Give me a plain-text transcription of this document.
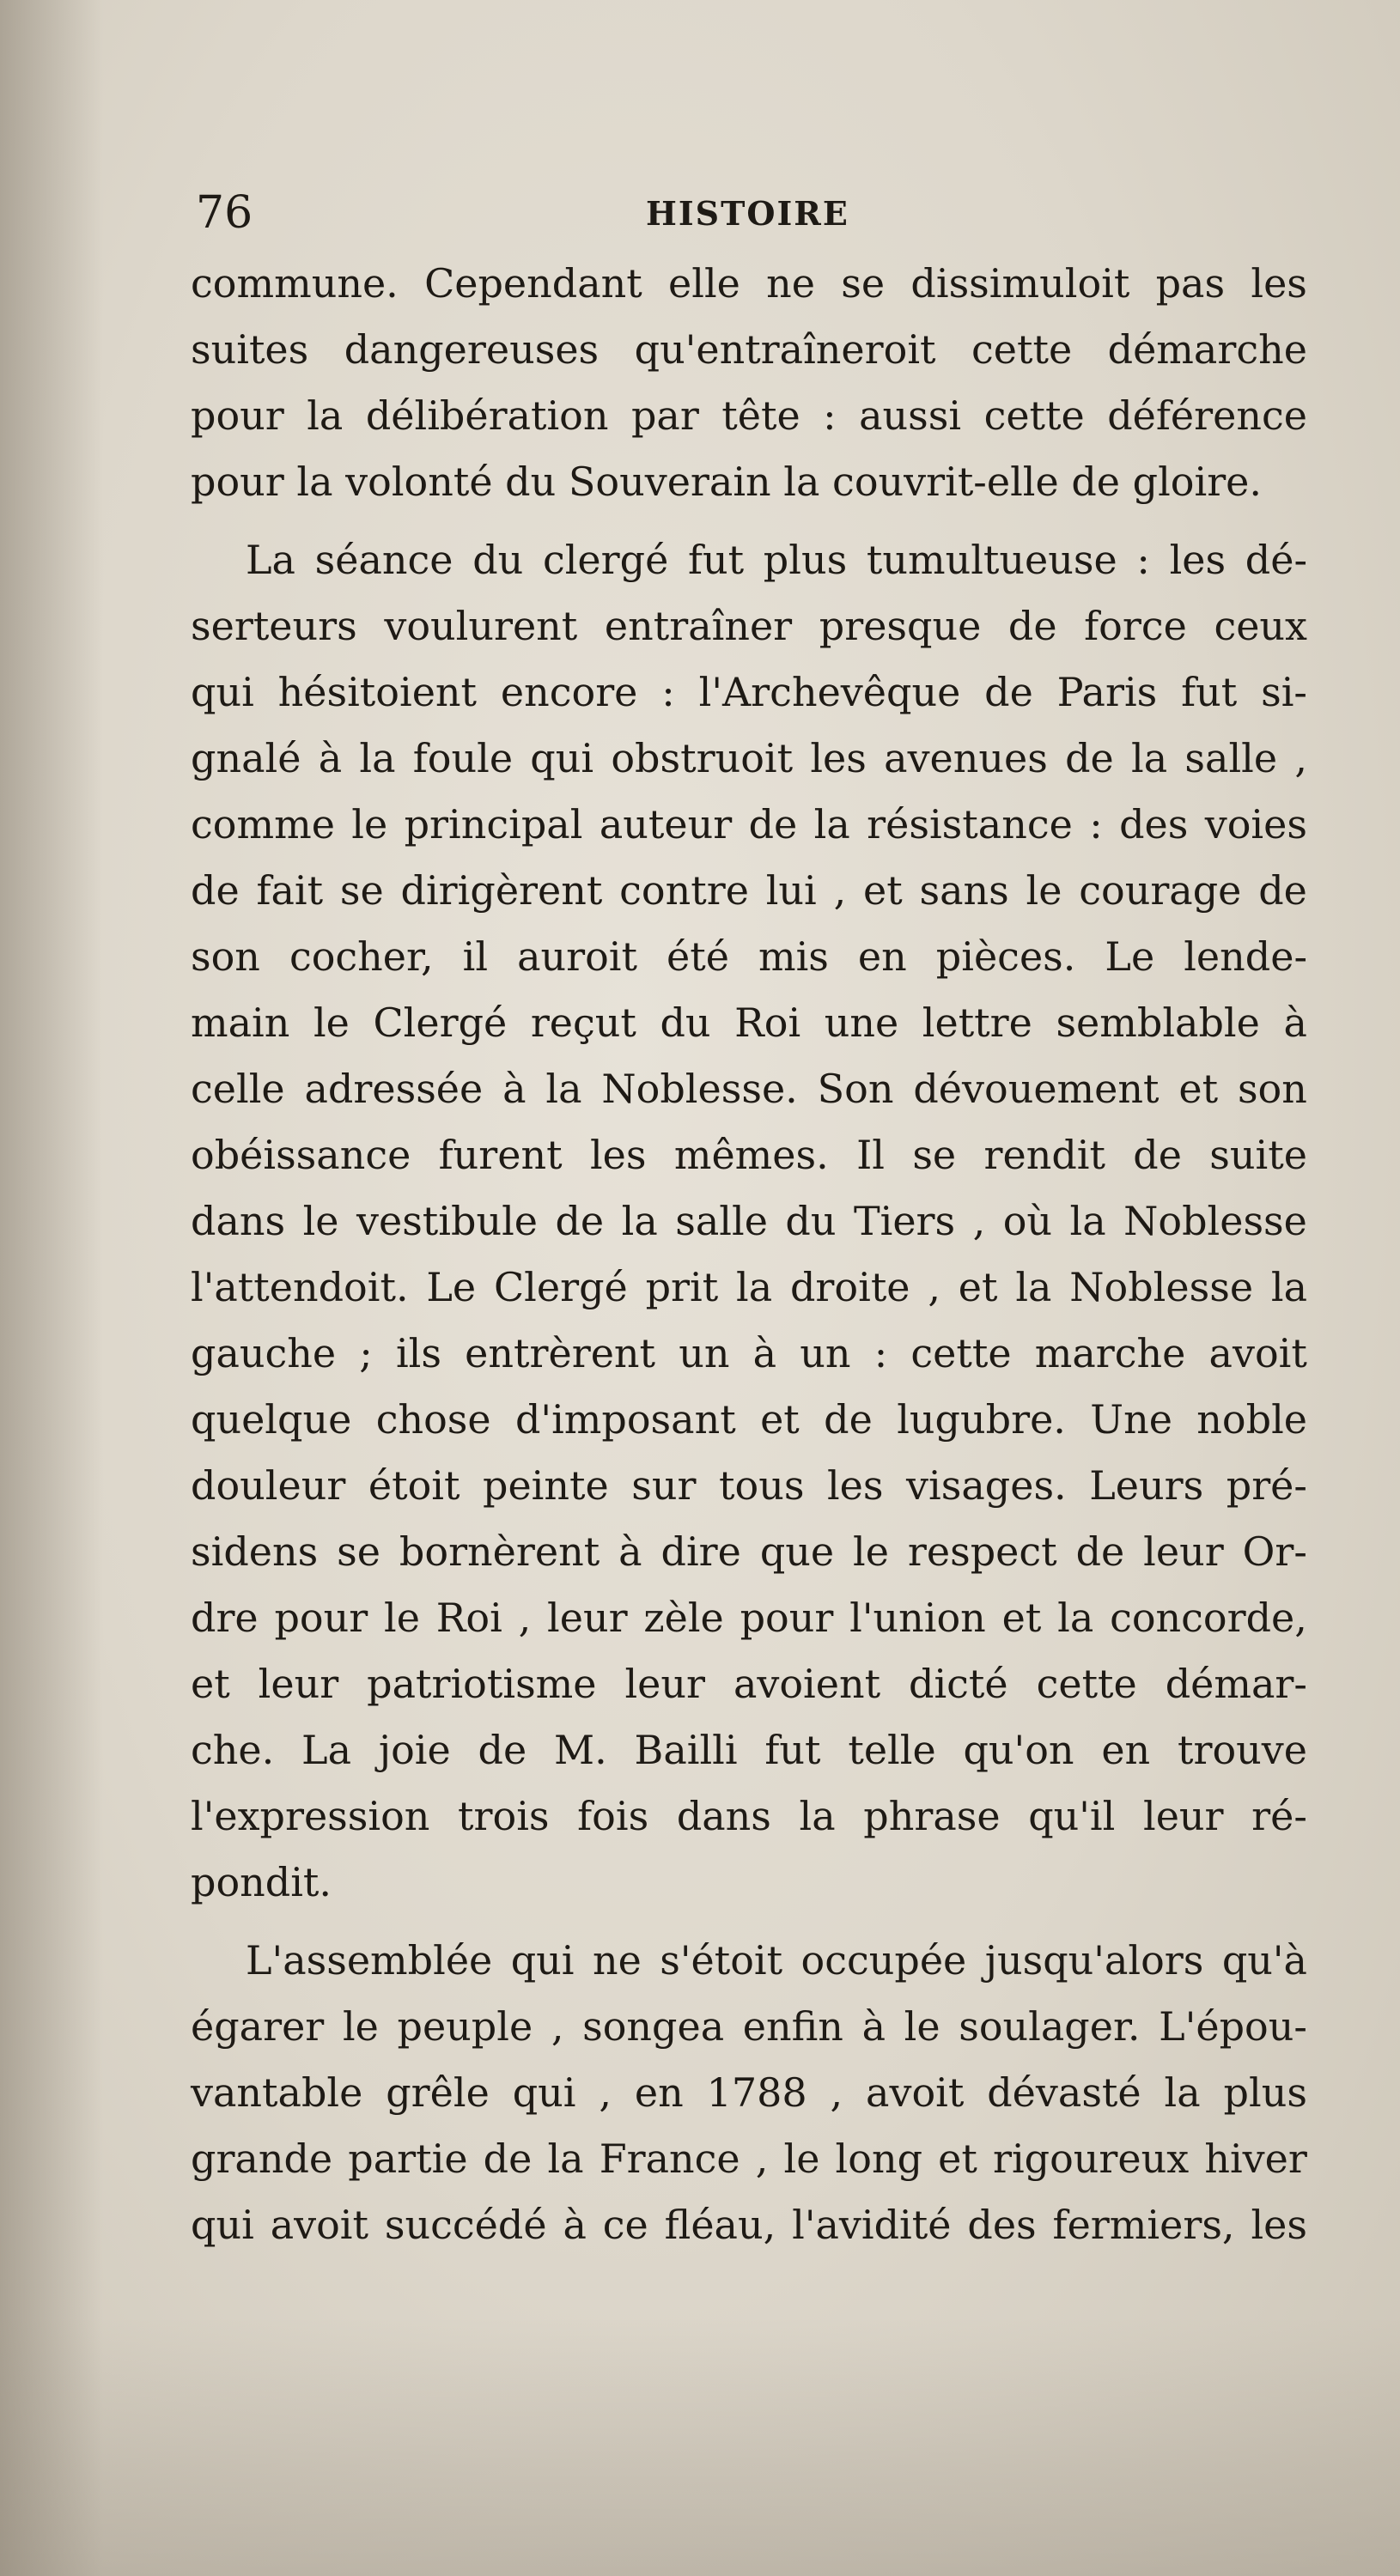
76	HISTOIRE
commune. Cependant elle ne se dissimuloit pas les
suites dangereuses qu'entraîneroit cette démarche
pour la délibération par tête : aussi cette déférence
pour la volonté du Souverain la couvrit-elle de gloire.
La séance du clergé fut plus tumultueuse : les dé-
serteurs voulurent entraîner presque de force ceux
qui hésitoient encore : l'Archevêque de Paris fut si-
gnalé à la foule qui obstruoit les avenues de la salle ,
comme le principal auteur de la résistance : des voies
de fait se dirigèrent contre lui , et sans le courage de
son cocher, il auroit été mis en pièces. Le lende-
main le Clergé reçut du Roi une lettre semblable à
celle adressée à la Noblesse. Son dévouement et son
obéissance furent les mêmes. Il se rendit de suite
dans le vestibule de la salle du Tiers , où la Noblesse
l'attendoit. Le Clergé prit la droite , et la Noblesse la
gauche ; ils entrèrent un à un : cette marche avoit
quelque chose d'imposant et de lugubre. Une noble
douleur étoit peinte sur tous les visages. Leurs pré-
sidens se bornèrent à dire que le respect de leur Or-
dre pour le Roi , leur zèle pour l'union et la concorde,
et leur patriotisme leur avoient dicté cette démar-
che. La joie de M. Bailli fut telle qu'on en trouve
l'expression trois fois dans la phrase qu'il leur ré-
pondit.
L'assemblée qui ne s'étoit occupée jusqu'alors qu'à
égarer le peuple , songea enfin à le soulager. L'épou-
vantable grêle qui , en 1788 , avoit dévasté la plus
grande partie de la France , le long et rigoureux hiver
qui avoit succédé à ce fléau, l'avidité des fermiers, les
